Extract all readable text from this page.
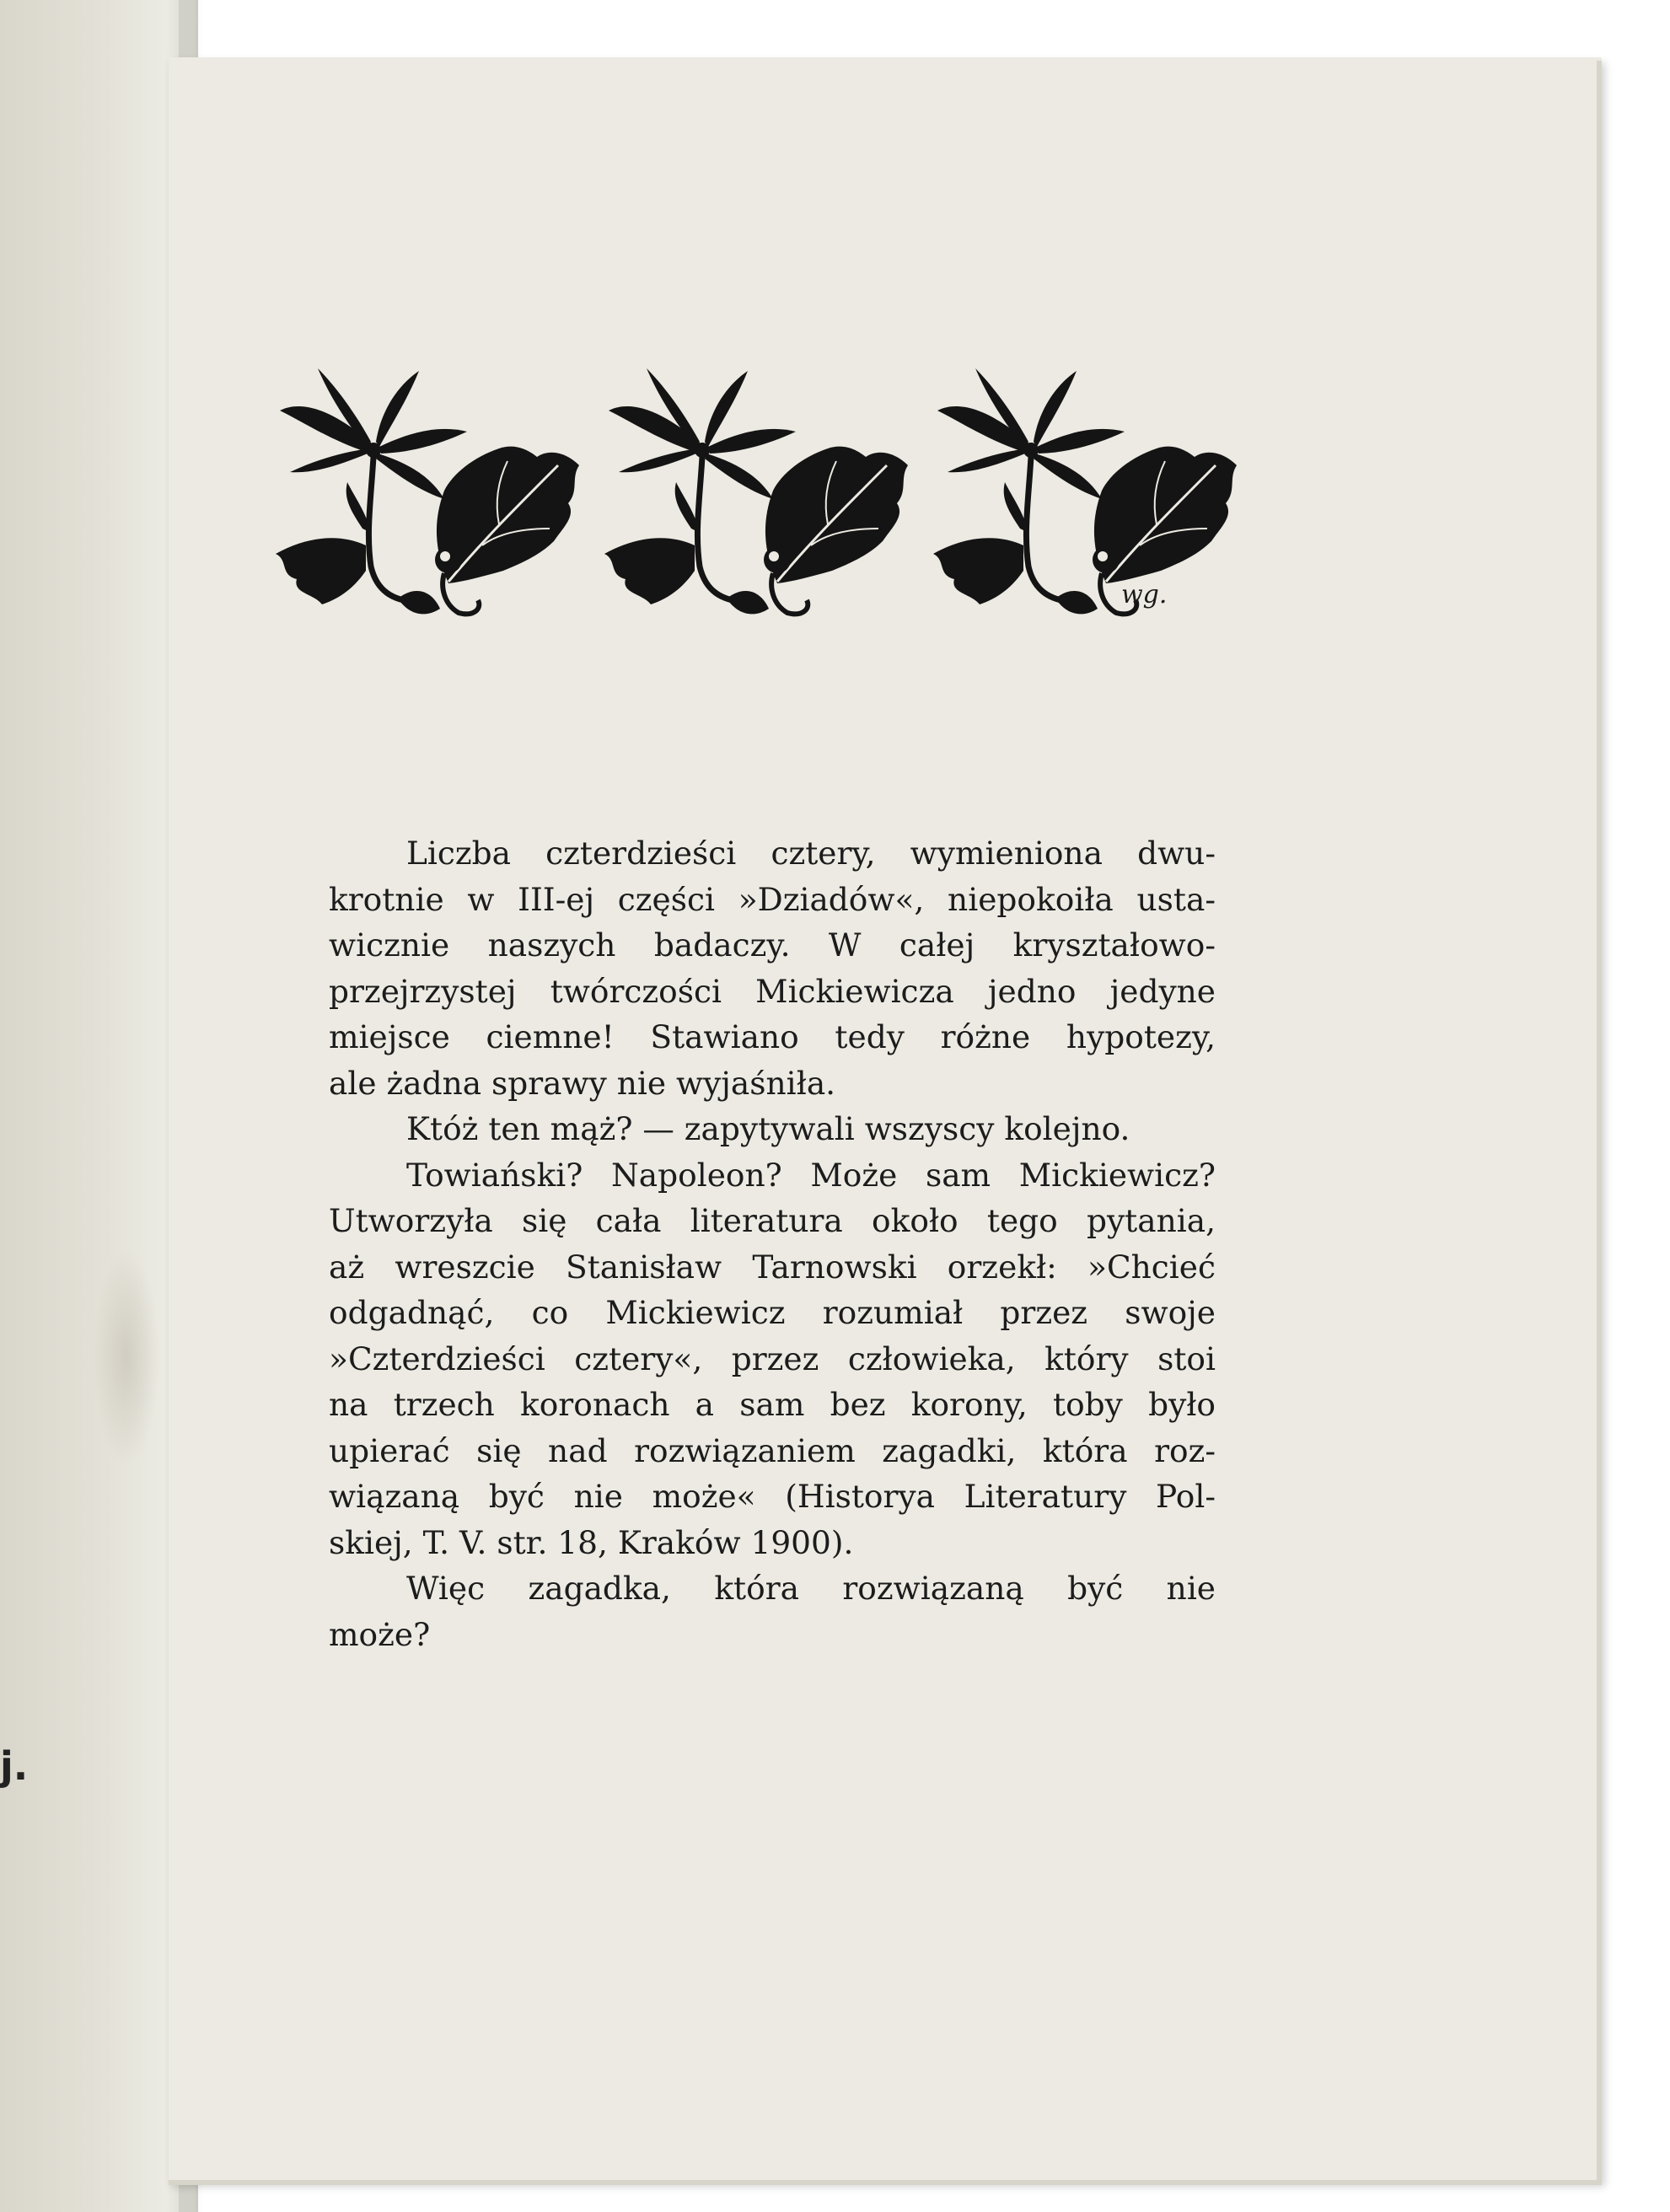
j.
wg.
Liczba czterdzieści cztery, wymieniona dwu-
krotnie w III-ej części »Dziadów«, niepokoiła usta-
wicznie naszych badaczy. W całej kryształowo-
przejrzystej twórczości Mickiewicza jedno jedyne
miejsce ciemne! Stawiano tedy różne hypotezy,
ale żadna sprawy nie wyjaśniła.
Któż ten mąż? — zapytywali wszyscy kolejno.
Towiański? Napoleon? Może sam Mickiewicz?
Utworzyła się cała literatura około tego pytania,
aż wreszcie Stanisław Tarnowski orzekł: »Chcieć
odgadnąć, co Mickiewicz rozumiał przez swoje
»Czterdzieści cztery«, przez człowieka, który stoi
na trzech koronach a sam bez korony, toby było
upierać się nad rozwiązaniem zagadki, która roz-
wiązaną być nie może« (Historya Literatury Pol-
skiej, T. V. str. 18, Kraków 1900).
Więc zagadka, która rozwiązaną być nie
może?
